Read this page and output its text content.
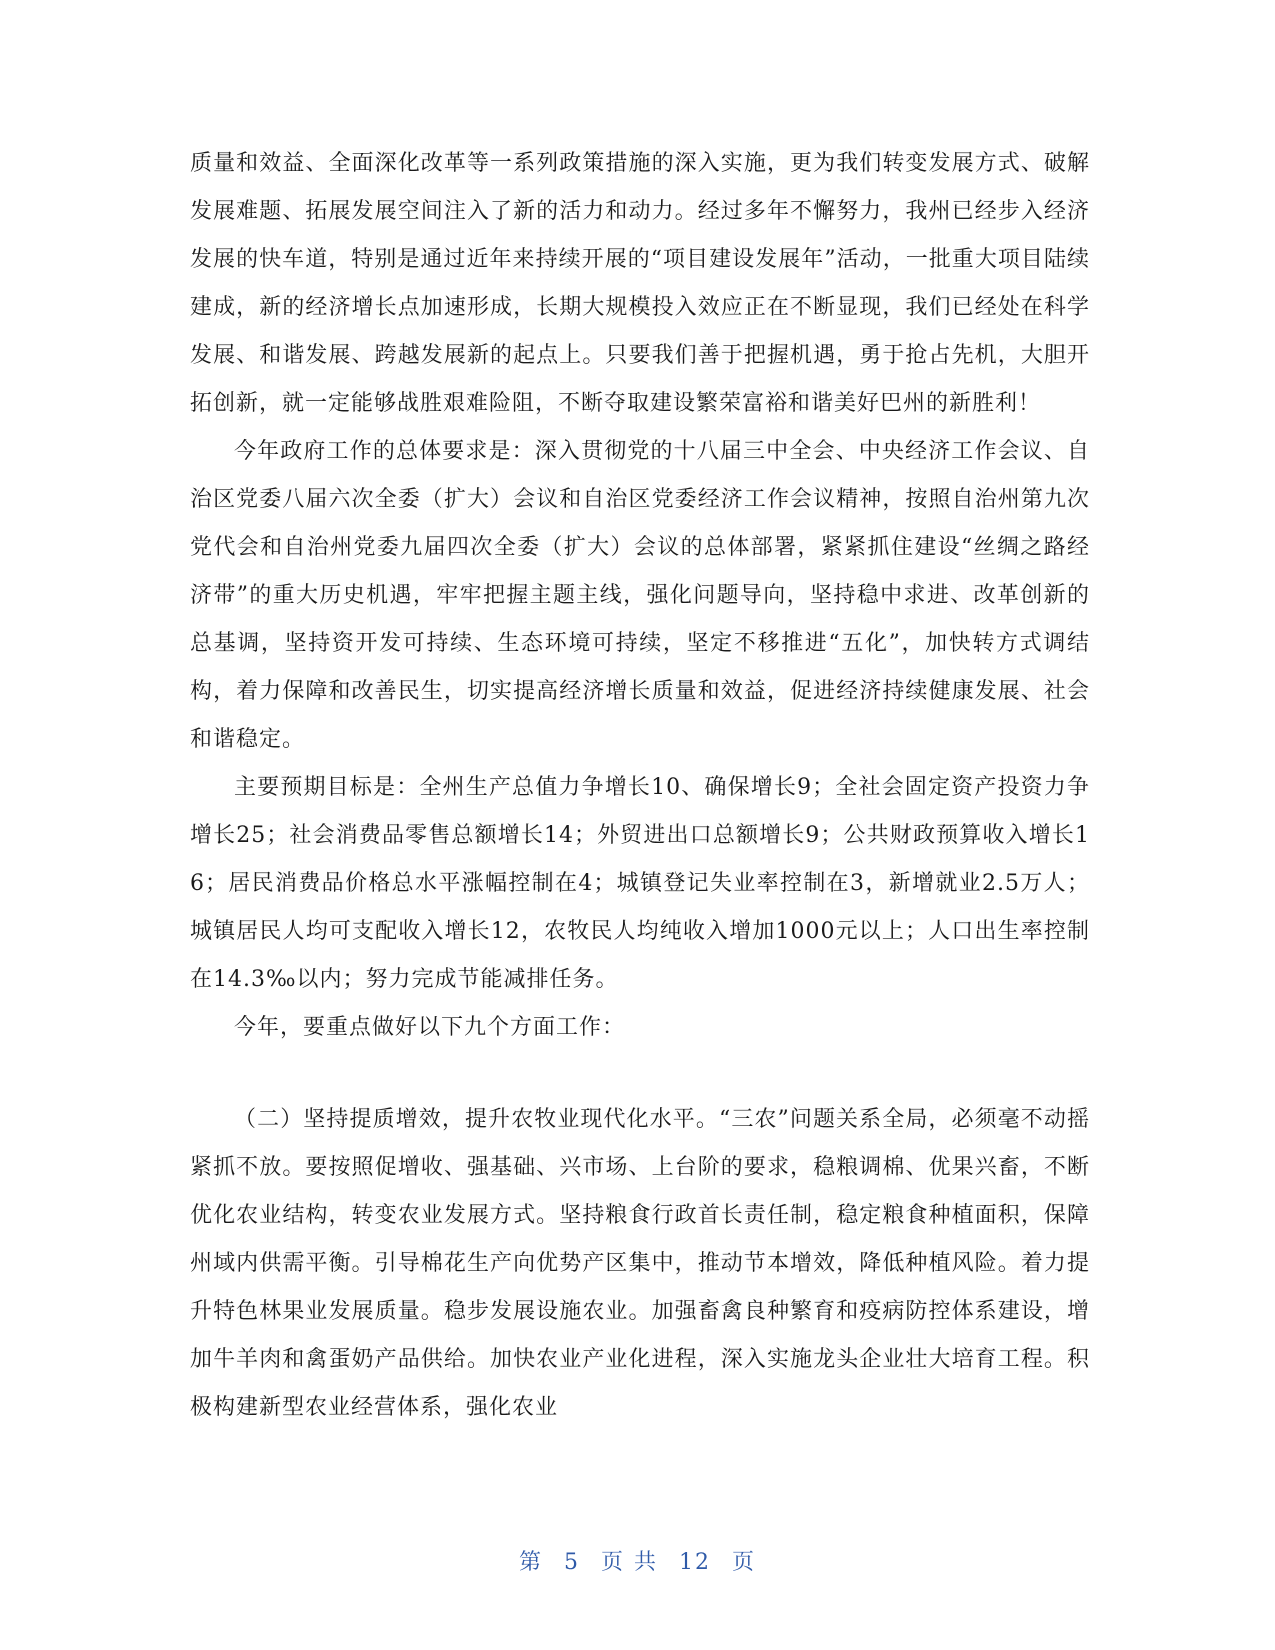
质量和效益、全面深化改革等一系列政策措施的深入实施，更为我们转变发展方式、破解发展难题、拓展发展空间注入了新的活力和动力。经过多年不懈努力，我州已经步入经济发展的快车道，特别是通过近年来持续开展的“项目建设发展年”活动，一批重大项目陆续建成，新的经济增长点加速形成，长期大规模投入效应正在不断显现，我们已经处在科学发展、和谐发展、跨越发展新的起点上。只要我们善于把握机遇，勇于抢占先机，大胆开拓创新，就一定能够战胜艰难险阻，不断夺取建设繁荣富裕和谐美好巴州的新胜利！

今年政府工作的总体要求是：深入贯彻党的十八届三中全会、中央经济工作会议、自治区党委八届六次全委（扩大）会议和自治区党委经济工作会议精神，按照自治州第九次党代会和自治州党委九届四次全委（扩大）会议的总体部署，紧紧抓住建设“丝绸之路经济带”的重大历史机遇，牢牢把握主题主线，强化问题导向，坚持稳中求进、改革创新的总基调，坚持资开发可持续、生态环境可持续，坚定不移推进“五化”，加快转方式调结构，着力保障和改善民生，切实提高经济增长质量和效益，促进经济持续健康发展、社会和谐稳定。

主要预期目标是：全州生产总值力争增长10、确保增长9；全社会固定资产投资力争增长25；社会消费品零售总额增长14；外贸进出口总额增长9；公共财政预算收入增长16；居民消费品价格总水平涨幅控制在4；城镇登记失业率控制在3，新增就业2.5万人；城镇居民人均可支配收入增长12，农牧民人均纯收入增加1000元以上；人口出生率控制在14.3‰以内；努力完成节能减排任务。

今年，要重点做好以下九个方面工作：

（二）坚持提质增效，提升农牧业现代化水平。“三农”问题关系全局，必须毫不动摇紧抓不放。要按照促增收、强基础、兴市场、上台阶的要求，稳粮调棉、优果兴畜，不断优化农业结构，转变农业发展方式。坚持粮食行政首长责任制，稳定粮食种植面积，保障州域内供需平衡。引导棉花生产向优势产区集中，推动节本增效，降低种植风险。着力提升特色林果业发展质量。稳步发展设施农业。加强畜禽良种繁育和疫病防控体系建设，增加牛羊肉和禽蛋奶产品供给。加快农业产业化进程，深入实施龙头企业壮大培育工程。积极构建新型农业经营体系，强化农业

第 5 页 共 12 页
